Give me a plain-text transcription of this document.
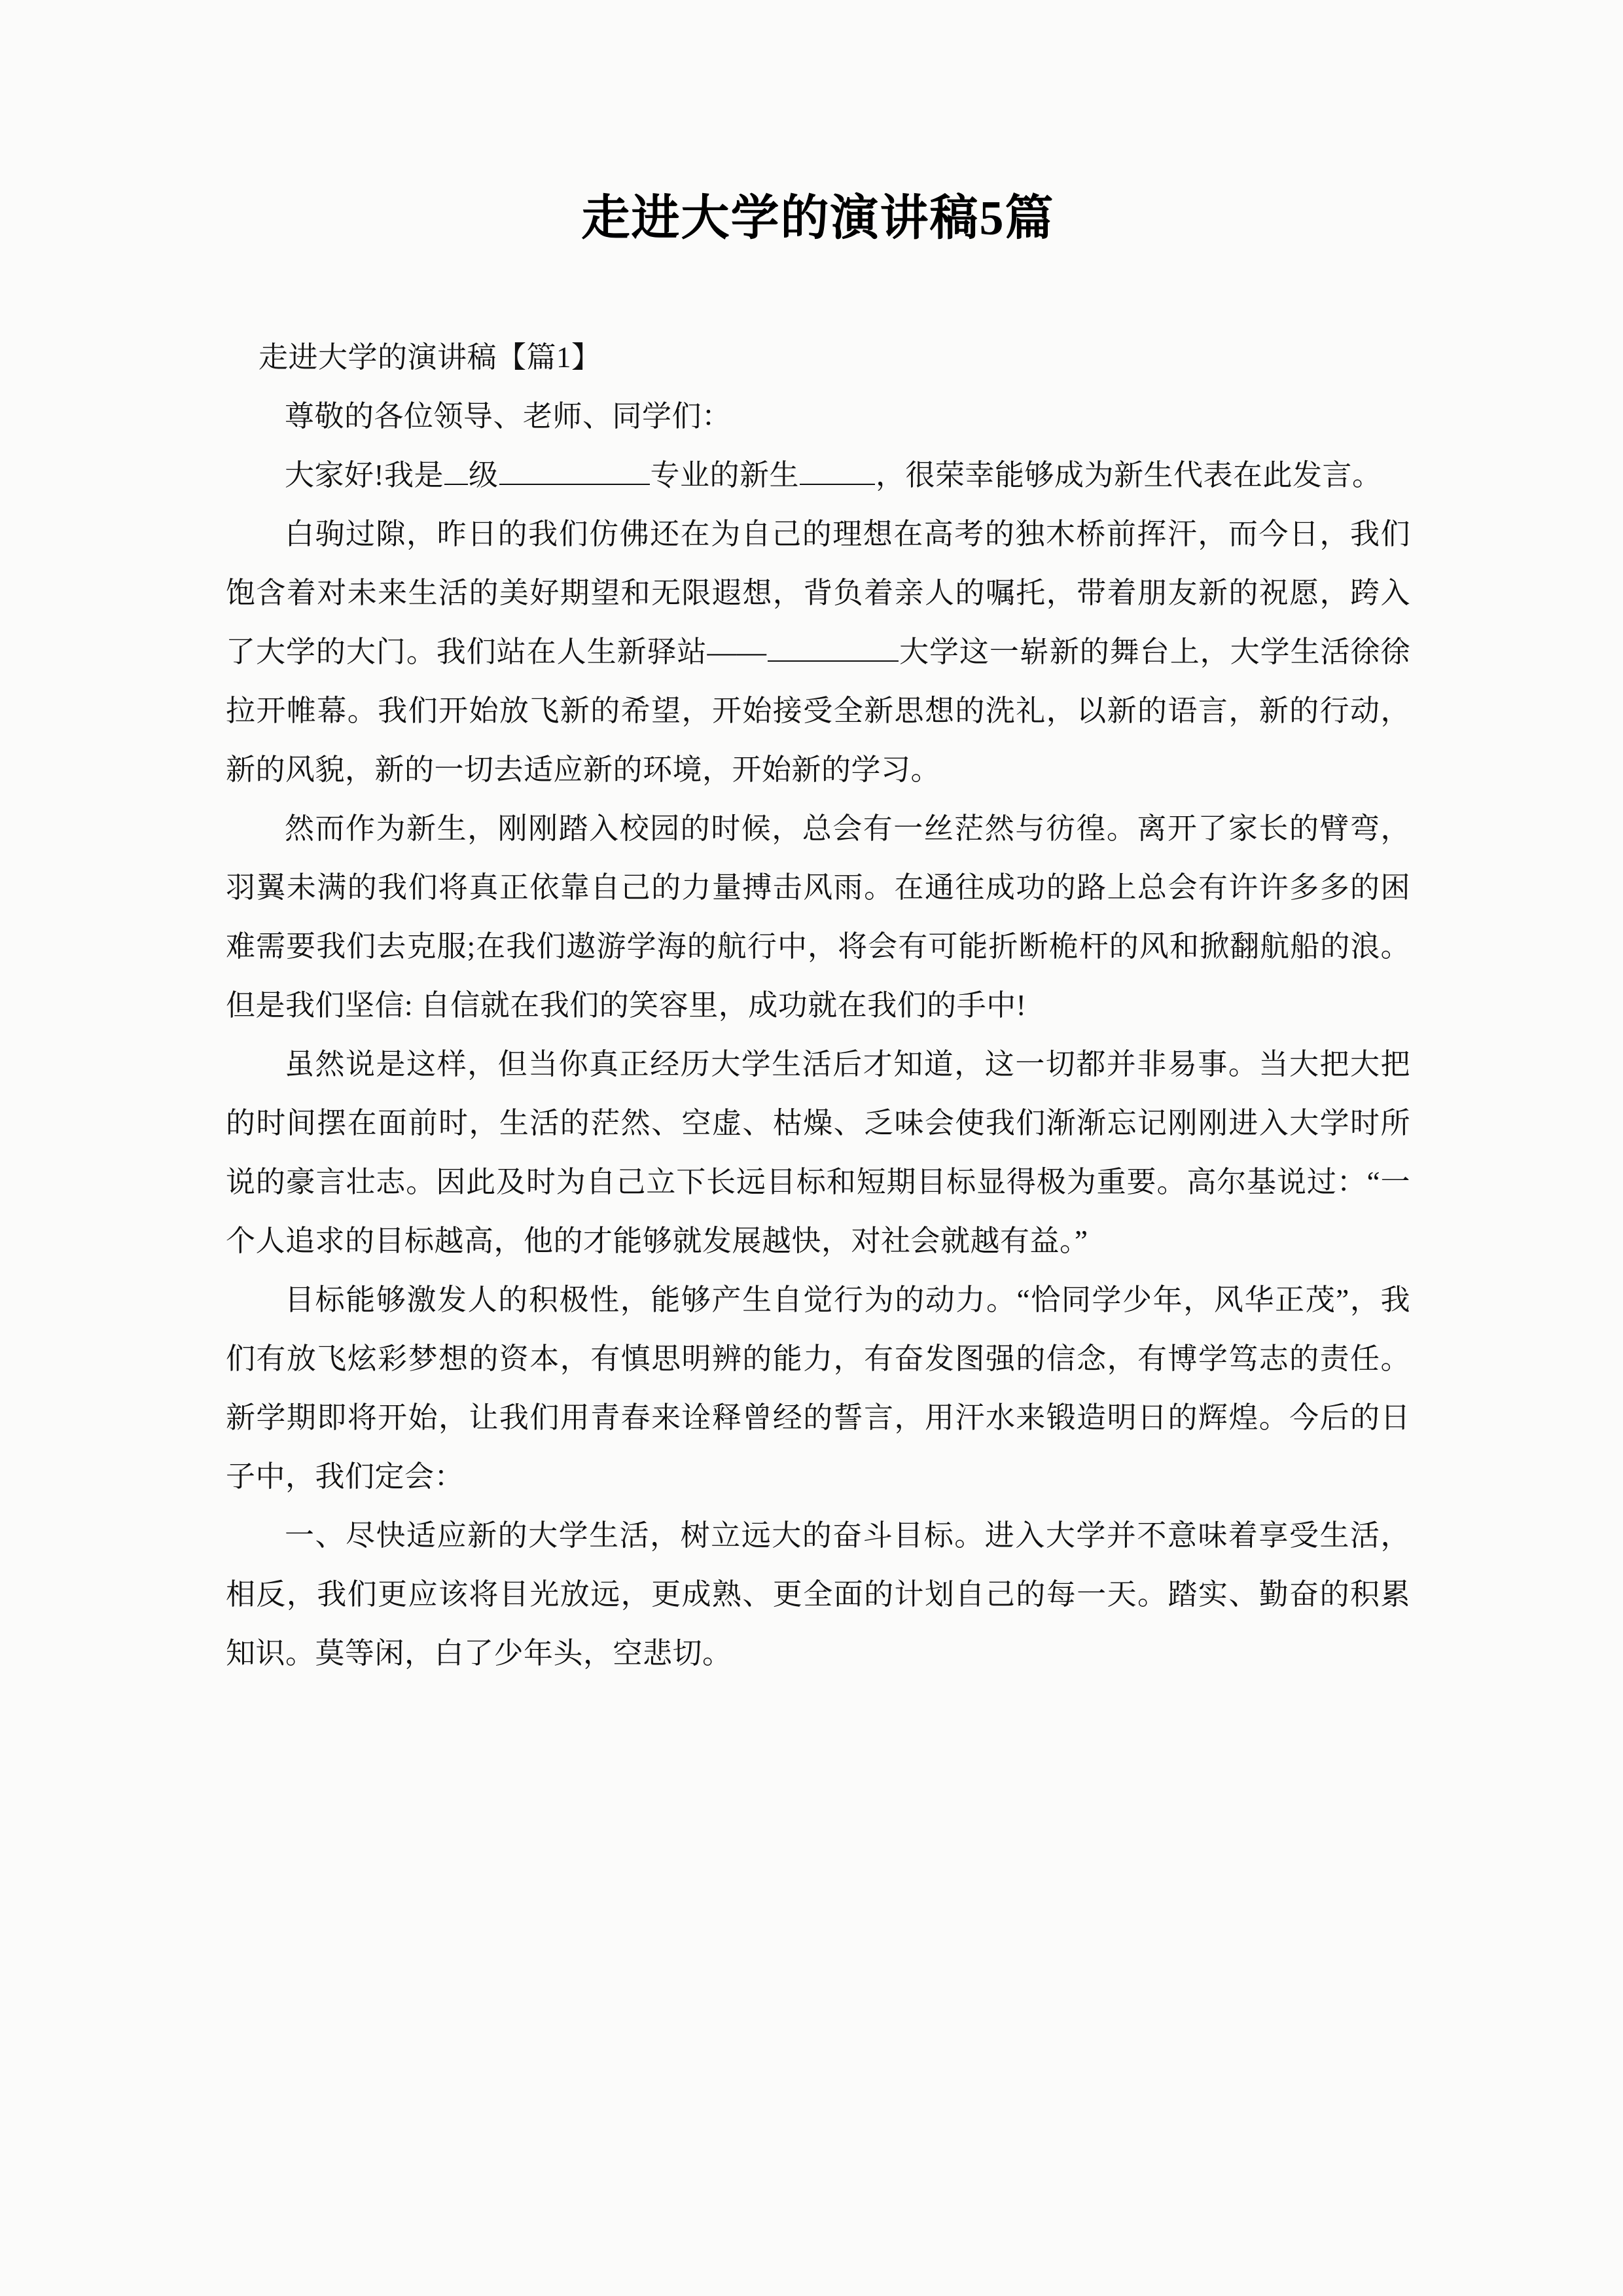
走进大学的演讲稿5篇

走进大学的演讲稿【篇1】

尊敬的各位领导、老师、同学们：

大家好!我是 级	专业的新生	，很荣幸能够成为新生代表在此发言。

白驹过隙，昨日的我们仿佛还在为自己的理想在高考的独木桥前挥汗，而今日，我们饱含着对未来生活的美好期望和无限遐想，背负着亲人的嘱托，带着朋友新的祝愿，跨入了大学的大门。我们站在人生新驿站——	大学这一崭新的舞台上，大学生活徐徐拉开帷幕。我们开始放飞新的希望，开始接受全新思想的洗礼，以新的语言，新的行动，新的风貌，新的一切去适应新的环境，开始新的学习。

然而作为新生，刚刚踏入校园的时候，总会有一丝茫然与彷徨。离开了家长的臂弯，羽翼未满的我们将真正依靠自己的力量搏击风雨。在通往成功的路上总会有许许多多的困难需要我们去克服;在我们遨游学海的航行中，将会有可能折断桅杆的风和掀翻航船的浪。但是我们坚信: 自信就在我们的笑容里，成功就在我们的手中!

虽然说是这样，但当你真正经历大学生活后才知道，这一切都并非易事。当大把大把的时间摆在面前时，生活的茫然、空虚、枯燥、乏味会使我们渐渐忘记刚刚进入大学时所说的豪言壮志。因此及时为自己立下长远目标和短期目标显得极为重要。高尔基说过：“一个人追求的目标越高，他的才能够就发展越快，对社会就越有益。”

目标能够激发人的积极性，能够产生自觉行为的动力。“恰同学少年，风华正茂”，我们有放飞炫彩梦想的资本，有慎思明辨的能力，有奋发图强的信念，有博学笃志的责任。新学期即将开始，让我们用青春来诠释曾经的誓言，用汗水来锻造明日的辉煌。今后的日子中，我们定会：

一、尽快适应新的大学生活，树立远大的奋斗目标。进入大学并不意味着享受生活，相反，我们更应该将目光放远，更成熟、更全面的计划自己的每一天。踏实、勤奋的积累知识。莫等闲，白了少年头，空悲切。
